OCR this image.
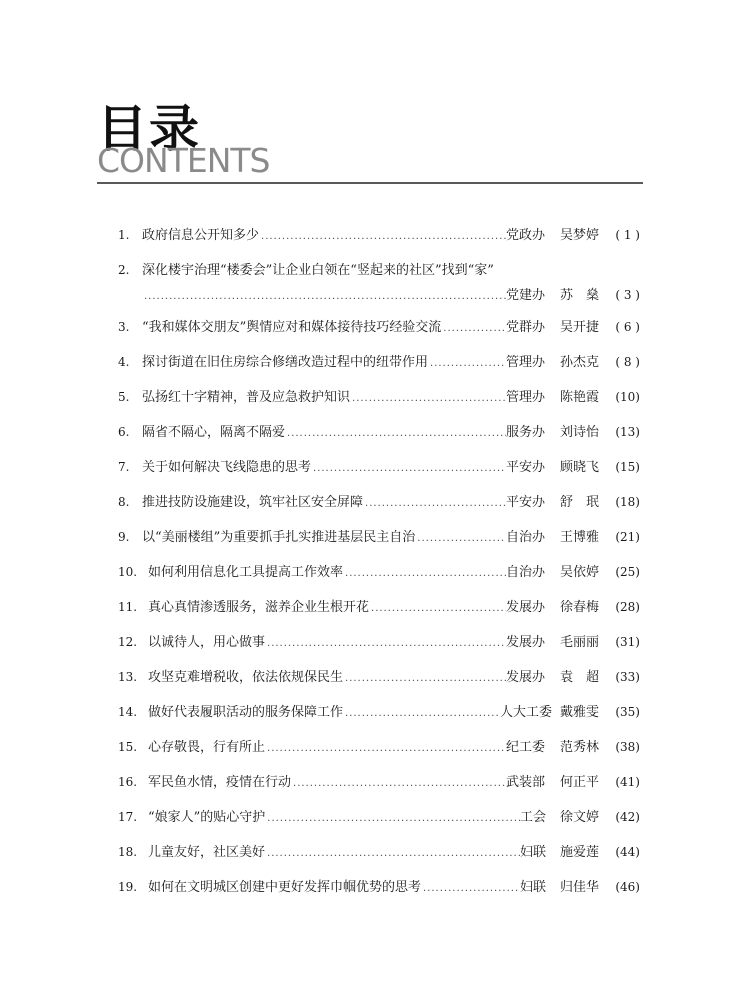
目录
CONTENTS
1. 政府信息公开知多少 .....	党政办	吴梦婷	( 1 )
2. 深化楼宇治理“楼委会”让企业白领在“竖起来的社区”找到“家”
.....
党建办	苏　燊	( 3 )
3. “我和媒体交朋友”舆情应对和媒体接待技巧经验交流 .....	党群办	吴开捷	( 6 )
4. 探讨街道在旧住房综合修缮改造过程中的纽带作用 .....	管理办	孙杰克	( 8 )
5. 弘扬红十字精神，普及应急救护知识 .....	管理办	陈艳霞	(10)
6. 隔省不隔心，隔离不隔爱 .....	服务办	刘诗怡	(13)
7. 关于如何解决飞线隐患的思考 .....	平安办	顾晓飞	(15)
8. 推进技防设施建设，筑牢社区安全屏障 .....	平安办	舒　珉	(18)
9. 以“美丽楼组”为重要抓手扎实推进基层民主自治 .....	自治办	王博雅	(21)
10. 如何利用信息化工具提高工作效率 .....	自治办	吴依婷	(25)
11. 真心真情渗透服务，滋养企业生根开花 .....	发展办	徐春梅	(28)
12. 以诚待人，用心做事 .....	发展办	毛丽丽	(31)
13. 攻坚克难增税收，依法依规保民生 .....	发展办	袁　超	(33)
14. 做好代表履职活动的服务保障工作 .....	人大工委 戴雅雯	(35)
15. 心存敬畏，行有所止 .....	纪工委	范秀林	(38)
16. 军民鱼水情，疫情在行动 .....	武装部	何正平	(41)
17. “娘家人”的贴心守护 .....	工会	徐文婷	(42)
18. 儿童友好，社区美好 .....	妇联	施爱莲	(44)
19. 如何在文明城区创建中更好发挥巾帼优势的思考 .....	妇联	归佳华	(46)
